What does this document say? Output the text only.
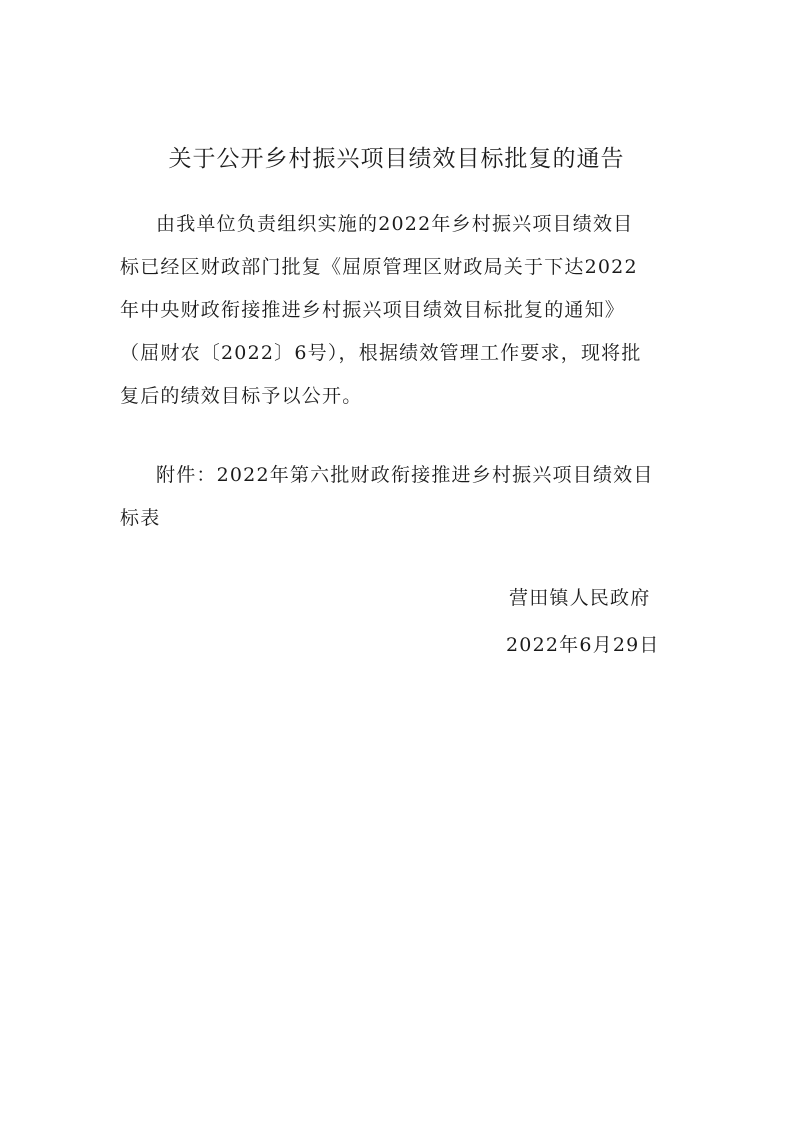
关于公开乡村振兴项目绩效目标批复的通告
由我单位负责组织实施的2022年乡村振兴项目绩效目
标已经区财政部门批复《屈原管理区财政局关于下达2022
年中央财政衔接推进乡村振兴项目绩效目标批复的通知》
（屈财农〔2022〕6号），根据绩效管理工作要求，现将批
复后的绩效目标予以公开。
附件：2022年第六批财政衔接推进乡村振兴项目绩效目
标表
营田镇人民政府
2022年6月29日
